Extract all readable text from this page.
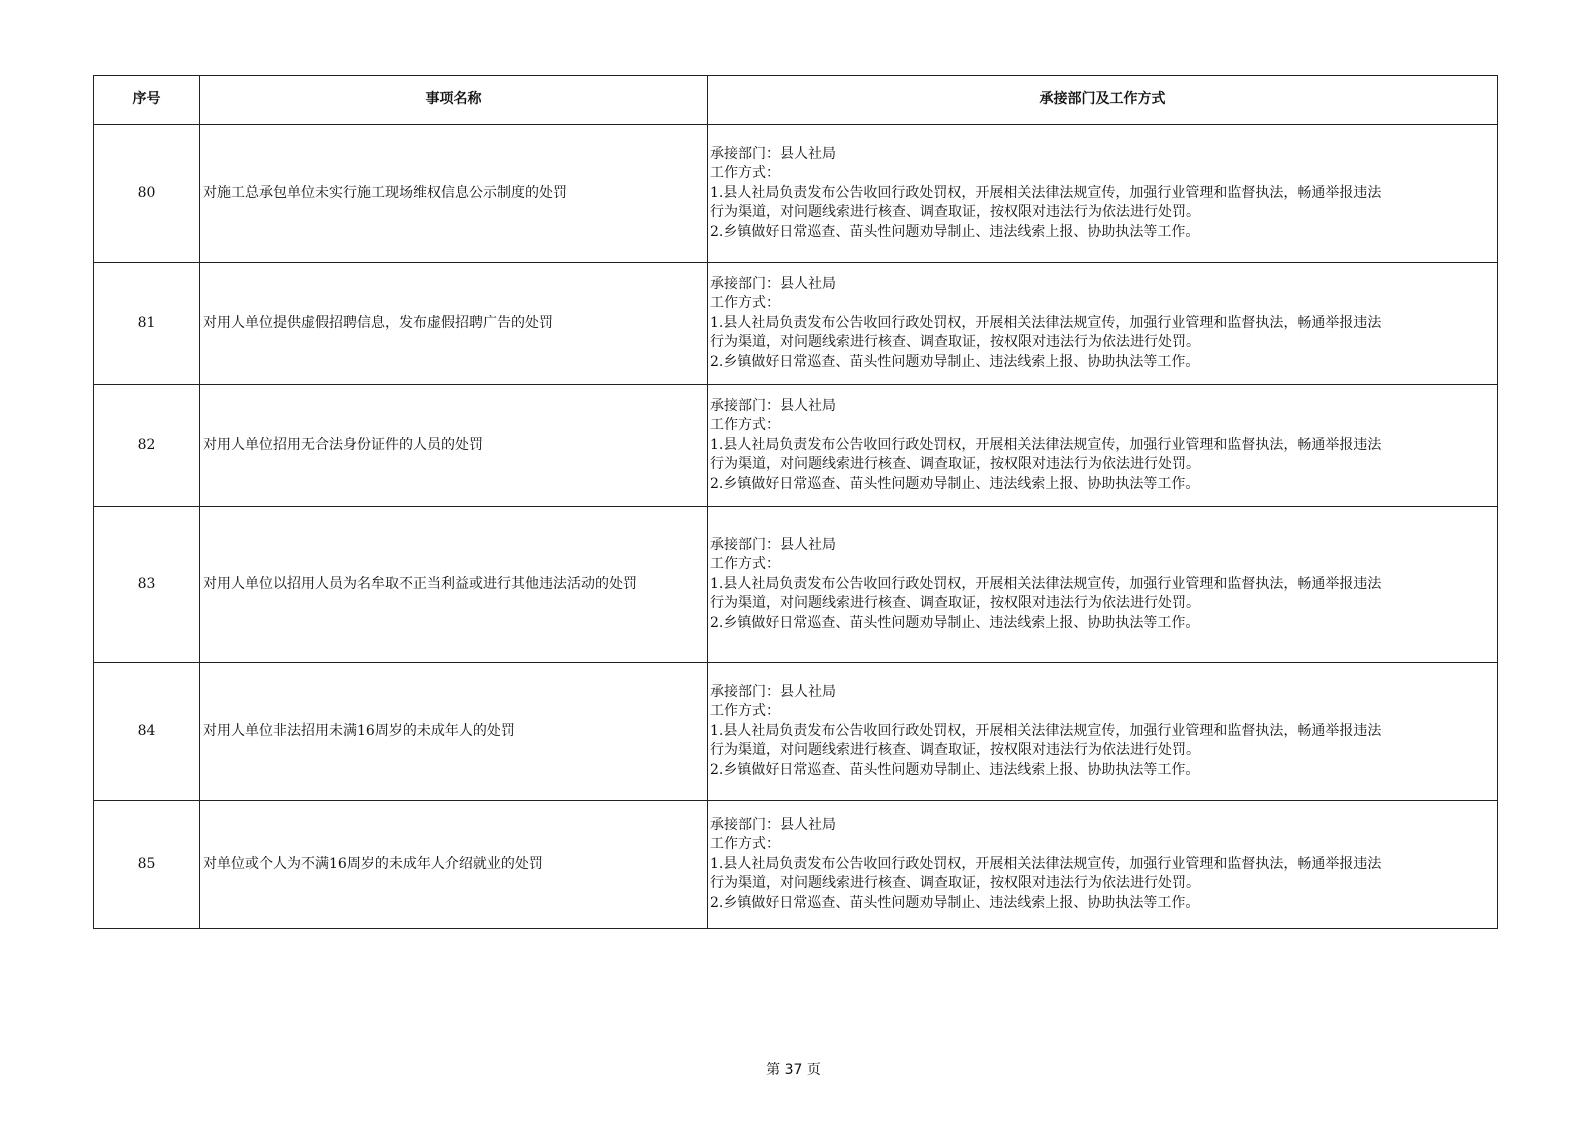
序号	事项名称	承接部门及工作方式
80	对施工总承包单位未实行施工现场维权信息公示制度的处罚	承接部门：县人社局
工作方式：
1.县人社局负责发布公告收回行政处罚权，开展相关法律法规宣传，加强行业管理和监督执法，畅通举报违法
行为渠道，对问题线索进行核查、调查取证，按权限对违法行为依法进行处罚。
2.乡镇做好日常巡查、苗头性问题劝导制止、违法线索上报、协助执法等工作。

81	对用人单位提供虚假招聘信息，发布虚假招聘广告的处罚	承接部门：县人社局
工作方式：
1.县人社局负责发布公告收回行政处罚权，开展相关法律法规宣传，加强行业管理和监督执法，畅通举报违法
行为渠道，对问题线索进行核查、调查取证，按权限对违法行为依法进行处罚。
2.乡镇做好日常巡查、苗头性问题劝导制止、违法线索上报、协助执法等工作。

82	对用人单位招用无合法身份证件的人员的处罚	承接部门：县人社局
工作方式：
1.县人社局负责发布公告收回行政处罚权，开展相关法律法规宣传，加强行业管理和监督执法，畅通举报违法
行为渠道，对问题线索进行核查、调查取证，按权限对违法行为依法进行处罚。
2.乡镇做好日常巡查、苗头性问题劝导制止、违法线索上报、协助执法等工作。

83	对用人单位以招用人员为名牟取不正当利益或进行其他违法活动的处罚	承接部门：县人社局
工作方式：
1.县人社局负责发布公告收回行政处罚权，开展相关法律法规宣传，加强行业管理和监督执法，畅通举报违法
行为渠道，对问题线索进行核查、调查取证，按权限对违法行为依法进行处罚。
2.乡镇做好日常巡查、苗头性问题劝导制止、违法线索上报、协助执法等工作。

84	对用人单位非法招用未满16周岁的未成年人的处罚	承接部门：县人社局
工作方式：
1.县人社局负责发布公告收回行政处罚权，开展相关法律法规宣传，加强行业管理和监督执法，畅通举报违法
行为渠道，对问题线索进行核查、调查取证，按权限对违法行为依法进行处罚。
2.乡镇做好日常巡查、苗头性问题劝导制止、违法线索上报、协助执法等工作。

85	对单位或个人为不满16周岁的未成年人介绍就业的处罚	承接部门：县人社局
工作方式：
1.县人社局负责发布公告收回行政处罚权，开展相关法律法规宣传，加强行业管理和监督执法，畅通举报违法
行为渠道，对问题线索进行核查、调查取证，按权限对违法行为依法进行处罚。
2.乡镇做好日常巡查、苗头性问题劝导制止、违法线索上报、协助执法等工作。
第 37 页
